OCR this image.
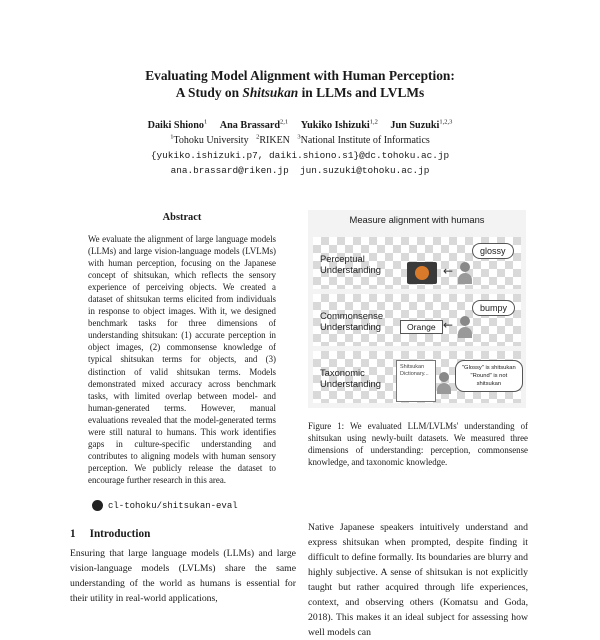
Evaluating Model Alignment with Human Perception:
A Study on Shitsukan in LLMs and LVLMs
Daiki Shiono$^1$ Ana Brassard$^{2,1}$ Yukiko Ishizuki$^{1,2}$ Jun Suzuki$^{1,2,3}$
$^1$Tohoku University $^2$RIKEN $^3$National Institute of Informatics
{yukiko.ishizuki.p7, daiki.shiono.s1}@dc.tohoku.ac.jp
ana.brassard@riken.jp  jun.suzuki@tohoku.ac.jp
Abstract
We evaluate the alignment of large language models (LLMs) and large vision-language models (LVLMs) with human perception, focusing on the Japanese concept of shitsukan, which reflects the sensory experience of perceiving objects. We created a dataset of shitsukan terms elicited from individuals in response to object images. With it, we designed benchmark tasks for three dimensions of understanding shitsukan: (1) accurate perception in object images, (2) commonsense knowledge of typical shitsukan terms for objects, and (3) distinction of valid shitsukan terms. Models demonstrated mixed accuracy across benchmark tasks, with limited overlap between model- and human-generated terms. However, manual evaluations revealed that the model-generated terms were still natural to humans. This work identifies gaps in culture-specific understanding and contributes to aligning models with human sensory perception. We publicly release the dataset to encourage further research in this area.
cl-tohoku/shitsukan-eval
1 Introduction
Ensuring that large language models (LLMs) and large vision-language models (LVLMs) share the same understanding of the world as humans is essential for their utility in real-world applications,
Measure alignment with humans
Perceptual
Understanding	←
glossy
Commonsense
Understanding	Orange ←
bumpy
Taxonomic
Understanding
Shitsukan
Dictionary...
"Glossy" is shitsukan
"Round" is not
shitsukan
Figure 1: We evaluated LLM/LVLMs' understanding of shitsukan using newly-built datasets. We measured three dimensions of understanding: perception, commonsense knowledge, and taxonomic knowledge.
Native Japanese speakers intuitively understand and express shitsukan when prompted, despite finding it difficult to define formally. Its boundaries are blurry and highly subjective. A sense of shitsukan is not explicitly taught but rather acquired through life experiences, context, and observing others (Komatsu and Goda, 2018). This makes it an ideal subject for assessing how well models can
